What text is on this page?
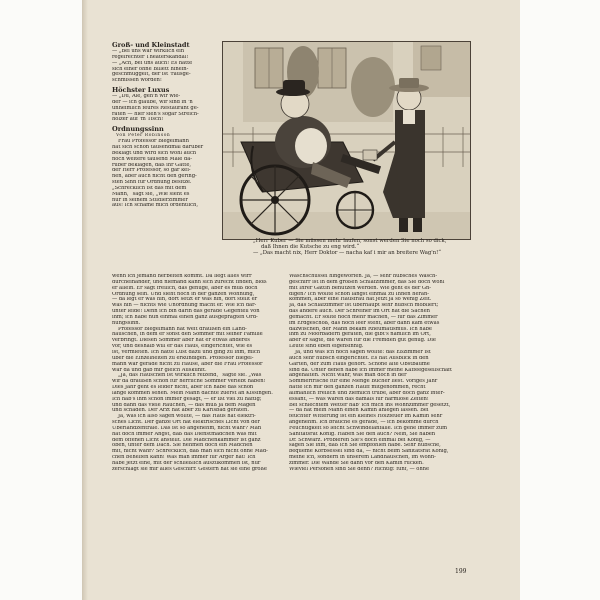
Groß- und Kleinstadt

— „Bei uns war wirklich ein

regelrechter Theaterskandal!“

— „Ach, bei uns auch! Es hatte

sich einer ohne Billett hinein-

geschmuggelt, der ist 'rausge-

schmissen worden!“

Höchster Luxus

— „Du, Ale, geh'n wir wie-

der — ich glaube, wir sind in 'n

unheimlich feures Restaurant ge-

raten — hier sieh's sogar Streich-

hölzer auf 'm Tisch!“

Ordnungssinn

Von Peter Robinson

Frau Professor Biegelmann

hat sich schon tausendmal darüber

beklagt und wird sich wohl auch

noch weitere tausend Male da-

rüber beklagen, daß ihr Gatte,

der Herr Professor, so gar kei-

nen, aber auch nicht den gering-

sten Sinn für Ordnung besitze.

„Schrecklich ist das mit dem

Mann,“ sagt sie, „Wie sieht es

nur in seinem Studierzimmer

aus! Ich schäme mich ordentlich,

„Herr Kuber — Sie müssen mehr laufen, sonst werden Sie noch so dick,

daß Ihnen die Kutsche zu eng wird.“

— „Das macht nix, Herr Doktor — nacha kaf i mir an breitere Wag'n!“

wenn ich jemand herbeiten kommt. Da liegt alles wirr

durcheinander, und niemand kann sich zurecht finden, bloß

er allein. Er sagt freilich, das genüge, aber es muß doch

Ordnung sein. Und sieht noch in der ganzen Wohnung,

— da legt er was hin, dort setzt er was hin, dort stellt er

was hin — nichts wie Unordnung macht er. Wie ich dar-

unter leide! Denn ich bin darin das gerade Gegenteil von

ihm; ich habe nun einmal einen ganz ausgeprägten Ord-

nungssinn.“

Professor Biegelmann hat weit draußen ein Land-

häuschen, in dem er sonst den Sommer mit seiner Familie

verbringt. Diesen Sommer aber hat er etwas anderes

vor, und deshalb will er das Haus, eingerichtet, wie es

ist, vermieten. Ich hatte Lust dazu und ging zu ihm, mich

über die Einzelheiten zu erkundigen. Professor Biegel-

mann war gerade nicht zu Hause, aber die Frau Professor

war da und gab mir gleich Auskunft.

„Ja, das Häuschen ist wirklich reizend,“ sagte sie. „Was

wir da draußen schon für herrliche Sommer verlebt haben!

Dies Jahr geht es leider nicht, aber ich habe das schon

lange kommen sehen. Mein Mann dachte zuerst an Kissingen.

Ich hab's ihm schon immer gesagt, — er ißt viel zu haftig;

und dann das viele Rauchen, — das muß ja dem Magen

und schaden. Der Arzt hat aber zu Karlsbad geraten.

Ja, was ich also sagen wollte, — das Haus hat elektri-

sches Licht. Der ganze Ort hat elektrisches Licht von der

Überlandzentrale. Das ist so angenehm, nicht wahr? Man

hat doch immer Angst, daß das Dienstmädchen was mit

dem offenen Licht anstellt. Die Mädchenkammer ist ganz

oben, unter dem Dach. Sie nehmen doch ein Mädchen

mit, nicht wahr? Schrecklich, daß man sich nicht ohne Mäd-

chen behelfen kann! Was man immer für Ärger hat! Ich

habe jetzt eine, mit der schließlich auszukommen ist, nur

zerschlägt sie mir alles Geschirr. Gestern hat sie eine große

Waschschüssel hingeworfen. Ja, — sehr hübsches Wasch-

geschirr ist in dem großen Schlafzimmer, das Sie doch wohl

mit Ihrer Gattin benützen werden. Wie geht es der Gn-

digen? Ich wollte schon längst einmal zu Ihnen heran-

kommen, aber eine Hausfrau hat jetzt ja so wenig Zeit.

Ja, das Schlafzimmer ist überhaupt sehr hübsch möbliert;

das andere auch. Der Schreiner im Ort hat die Sachen

gemacht. Er sollte noch mehr machen, — für das Zimmer

im Erdgeschoß, das noch leer steht, aber dann kam etwas

dazwischen, der Mann bekam Rheumatismus. Ich habe

ihm zu Moorbädern geraten, die gibt's nämlich im Ort,

aber er sagte, die wären für die Fremden gut genug. Die

Leute sind eben eigensinnig.

Ja, und was ich noch sagen wollte: das Eßzimmer ist

auch sehr hübsch eingerichtet. Es hat Ausblick in den

Garten, der zum Haus gehört. Schöne alte Obstbäume

sind da. Unter denen habe ich immer meine Kaffeegesellschaft

abgehalten. Nicht wahr, was man doch in der

Sommerfrische für eine Menge Bücher liest. Voriges Jahr

hatte ich mir den ganzen Hauff mitgenommen, recht

allmählich freilich und ziemlich trübe, aber doch ganz inter-

essant, — was waren das damals für harmlose Zeiten!

Bei schlechtem Wetter hab' ich mich ins Wohnzimmer gesetzt,

— da hat mein Mann einen Kamin anlegen lassen. Bei

feuchter Witterung ist ein kleines Holzfeuer im Kamin sehr

angenehm. Ich brauche es gerade, — ich bekomme durch

Feuchtigkeit so leicht Schwindelanfälle. Ich gehe immer zum

Sanitätsrat König. Haben Sie den auch? Nein, Sie haben

Dr. Schwarz. Probieren Sie's doch einmal bei König, —

sagen Sie ihm, daß ich Sie empfohlen habe. Sehr hübsche,

bequeme Korbsessel sind da, — nicht beim Sanitätsrat König,

meine ich, sondern in unserem Landhäuschen, im Wohn-

zimmer. Die Wände Sie dann vor den Kamin rücken.

Wieviel Personen sind Sie denn? Richtig: fünf, — ohne

199
